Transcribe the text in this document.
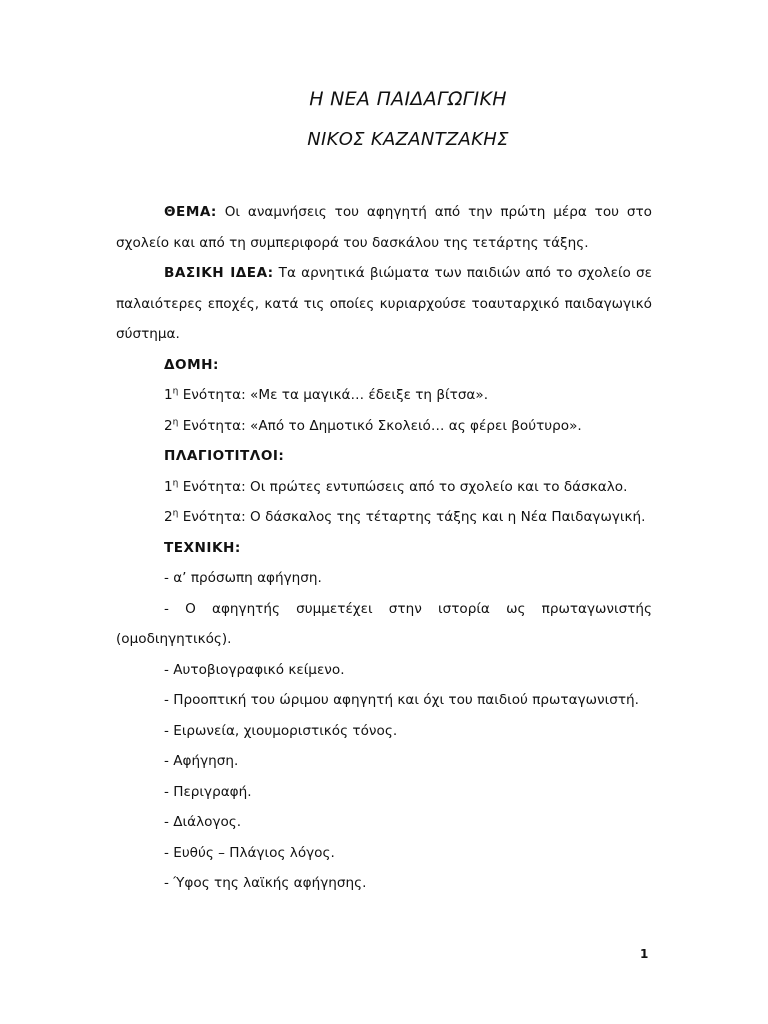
Η ΝΕΑ ΠΑΙΔΑΓΩΓΙΚΗ
ΝΙΚΟΣ ΚΑΖΑΝΤΖΑΚΗΣ

ΘΕΜΑ: Οι αναμνήσεις του αφηγητή από την πρώτη μέρα του στο σχολείο και από τη συμπεριφορά του δασκάλου της τετάρτης τάξης.

ΒΑΣΙΚΗ ΙΔΕΑ: Τα αρνητικά βιώματα των παιδιών από το σχολείο σε παλαιότερες εποχές, κατά τις οποίες κυριαρχούσε τοαυταρχικό παιδαγωγικό σύστημα.

ΔΟΜΗ:

$1^\eta$ Ενότητα: «Με τα μαγικά… έδειξε τη βίτσα».

$2^\eta$ Ενότητα: «Από το Δημοτικό Σκολειό… ας φέρει βούτυρο».

ΠΛΑΓΙΟΤΙΤΛΟΙ:

$1^\eta$ Ενότητα: Οι πρώτες εντυπώσεις από το σχολείο και το δάσκαλο.

$2^\eta$ Ενότητα: Ο δάσκαλος της τέταρτης τάξης και η Νέα Παιδαγωγική.

ΤΕΧΝΙΚΗ:

- α’ πρόσωπη αφήγηση.

- Ο αφηγητής συμμετέχει στην ιστορία ως πρωταγωνιστής (ομοδιηγητικός).

- Αυτοβιογραφικό κείμενο.

- Προοπτική του ώριμου αφηγητή και όχι του παιδιού πρωταγωνιστή.

- Ειρωνεία, χιουμοριστικός τόνος.

- Αφήγηση.

- Περιγραφή.

- Διάλογος.

- Ευθύς – Πλάγιος λόγος.

- Ύφος της λαϊκής αφήγησης.

1
